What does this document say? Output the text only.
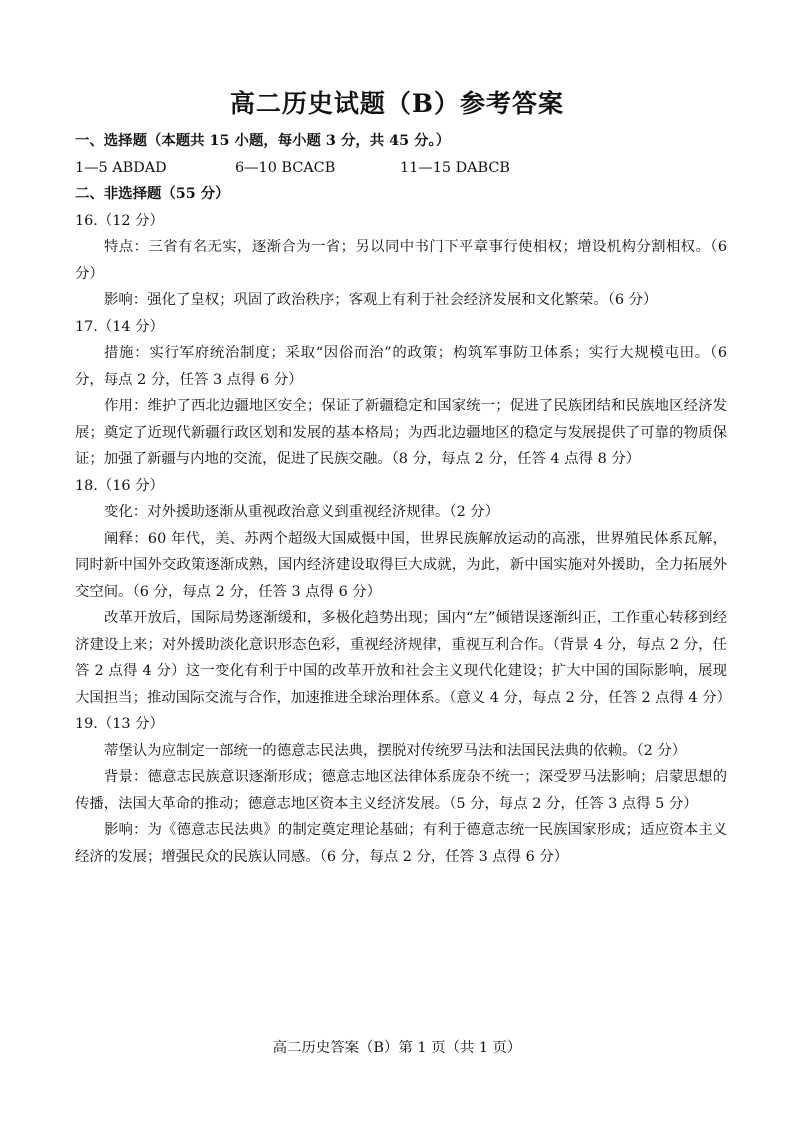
高二历史试题（B）参考答案

一、选择题（本题共 15 小题，每小题 3 分，共 45 分。）

1—5 ABDAD	6—10 BCACB	11—15 DABCB

二、非选择题（55 分）

16.（12 分）

特点：三省有名无实，逐渐合为一省；另以同中书门下平章事行使相权；增设机构分割相权。（6 分）

影响：强化了皇权；巩固了政治秩序；客观上有利于社会经济发展和文化繁荣。（6 分）

17.（14 分）

措施：实行军府统治制度；采取“因俗而治”的政策；构筑军事防卫体系；实行大规模屯田。（6 分，每点 2 分，任答 3 点得 6 分）

作用：维护了西北边疆地区安全；保证了新疆稳定和国家统一；促进了民族团结和民族地区经济发展；奠定了近现代新疆行政区划和发展的基本格局；为西北边疆地区的稳定与发展提供了可靠的物质保证；加强了新疆与内地的交流，促进了民族交融。（8 分，每点 2 分，任答 4 点得 8 分）

18.（16 分）

变化：对外援助逐渐从重视政治意义到重视经济规律。（2 分）

阐释：60 年代，美、苏两个超级大国威慑中国，世界民族解放运动的高涨，世界殖民体系瓦解，同时新中国外交政策逐渐成熟，国内经济建设取得巨大成就，为此，新中国实施对外援助，全力拓展外交空间。（6 分，每点 2 分，任答 3 点得 6 分）

改革开放后，国际局势逐渐缓和，多极化趋势出现；国内“左”倾错误逐渐纠正，工作重心转移到经济建设上来；对外援助淡化意识形态色彩，重视经济规律，重视互利合作。（背景 4 分，每点 2 分，任答 2 点得 4 分）这一变化有利于中国的改革开放和社会主义现代化建设；扩大中国的国际影响，展现大国担当；推动国际交流与合作，加速推进全球治理体系。（意义 4 分，每点 2 分，任答 2 点得 4 分）

19.（13 分）

蒂堡认为应制定一部统一的德意志民法典，摆脱对传统罗马法和法国民法典的依赖。（2 分）

背景：德意志民族意识逐渐形成；德意志地区法律体系庞杂不统一；深受罗马法影响；启蒙思想的传播，法国大革命的推动；德意志地区资本主义经济发展。（5 分，每点 2 分，任答 3 点得 5 分）

影响：为《德意志民法典》的制定奠定理论基础；有利于德意志统一民族国家形成；适应资本主义经济的发展；增强民众的民族认同感。（6 分，每点 2 分，任答 3 点得 6 分）

高二历史答案（B）第 1 页（共 1 页）
